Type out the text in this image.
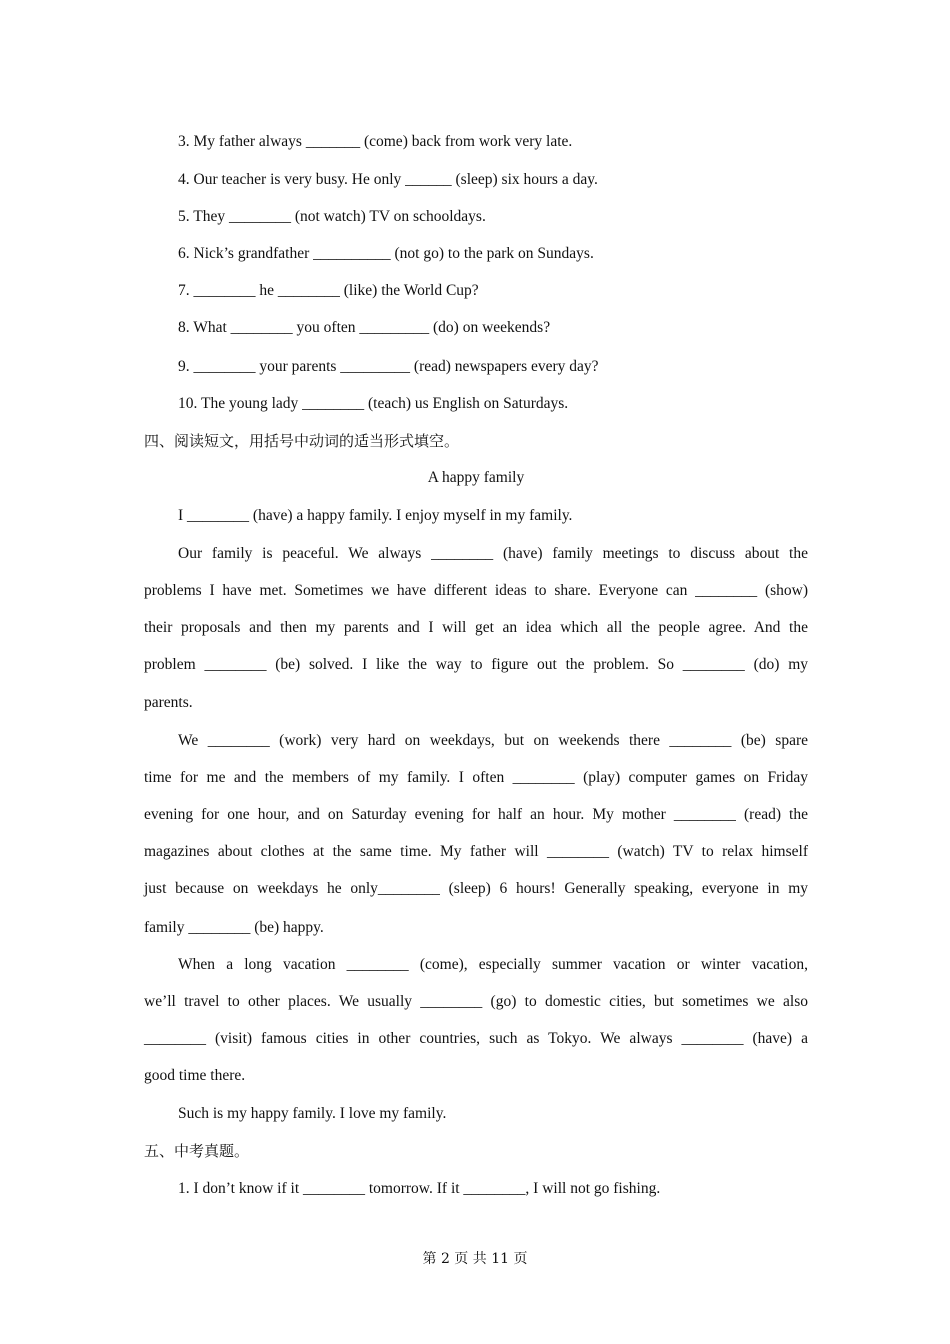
3. My father always _______ (come) back from work very late.
4. Our teacher is very busy. He only ______ (sleep) six hours a day.
5. They ________ (not watch) TV on schooldays.
6. Nick’s grandfather __________ (not go) to the park on Sundays.
7. ________ he ________ (like) the World Cup?
8. What ________ you often _________ (do) on weekends?
9. ________ your parents _________ (read) newspapers every day?
10. The young lady ________ (teach) us English on Saturdays.
四、阅读短文，用括号中动词的适当形式填空。
A happy family
I ________ (have) a happy family. I enjoy myself in my family.
Our family is peaceful. We always ________ (have) family meetings to discuss about the
problems I have met. Sometimes we have different ideas to share. Everyone can ________ (show)
their proposals and then my parents and I will get an idea which all the people agree. And the
problem ________ (be) solved. I like the way to figure out the problem. So ________ (do) my
parents.
We ________ (work) very hard on weekdays, but on weekends there ________ (be) spare
time for me and the members of my family. I often ________ (play) computer games on Friday
evening for one hour, and on Saturday evening for half an hour. My mother ________ (read) the
magazines about clothes at the same time. My father will ________ (watch) TV to relax himself
just because on weekdays he only________ (sleep) 6 hours! Generally speaking, everyone in my
family ________ (be) happy.
When a long vacation ________ (come), especially summer vacation or winter vacation,
we’ll travel to other places. We usually ________ (go) to domestic cities, but sometimes we also
________ (visit) famous cities in other countries, such as Tokyo. We always ________ (have) a
good time there.
Such is my happy family. I love my family.
五、中考真题。
1. I don’t know if it ________ tomorrow. If it ________, I will not go fishing.
第 2 页 共 11 页
